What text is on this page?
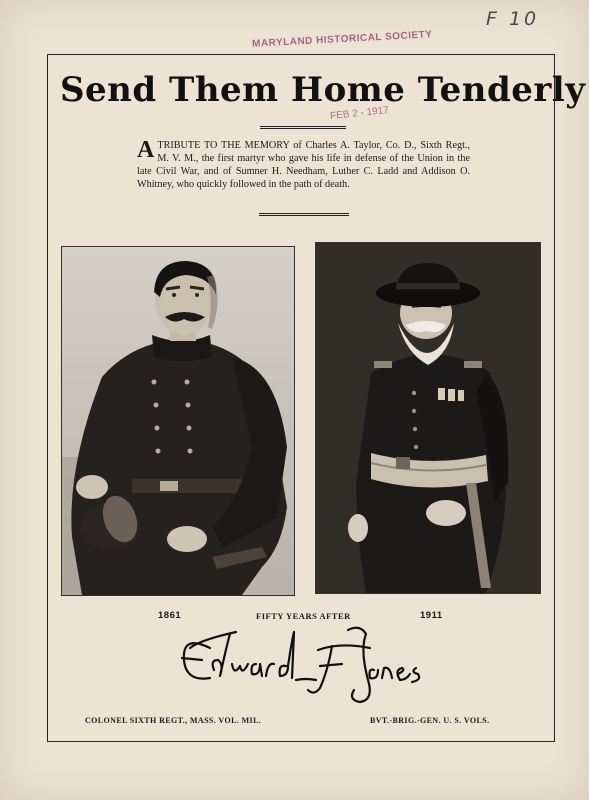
F 10
MARYLAND HISTORICAL SOCIETY
Send Them Home Tenderly
FEB 2 - 1917
A TRIBUTE TO THE MEMORY of Charles A. Taylor, Co. D., Sixth Regt., M. V. M., the first martyr who gave his life in defense of the Union in the late Civil War, and of Sumner H. Needham, Luther C. Ladd and Addison O. Whitney, who quickly followed in the path of death.
1861	FIFTY YEARS AFTER	1911
COLONEL SIXTH REGT., MASS. VOL. MIL.	BVT.-BRIG.-GEN. U. S. VOLS.
